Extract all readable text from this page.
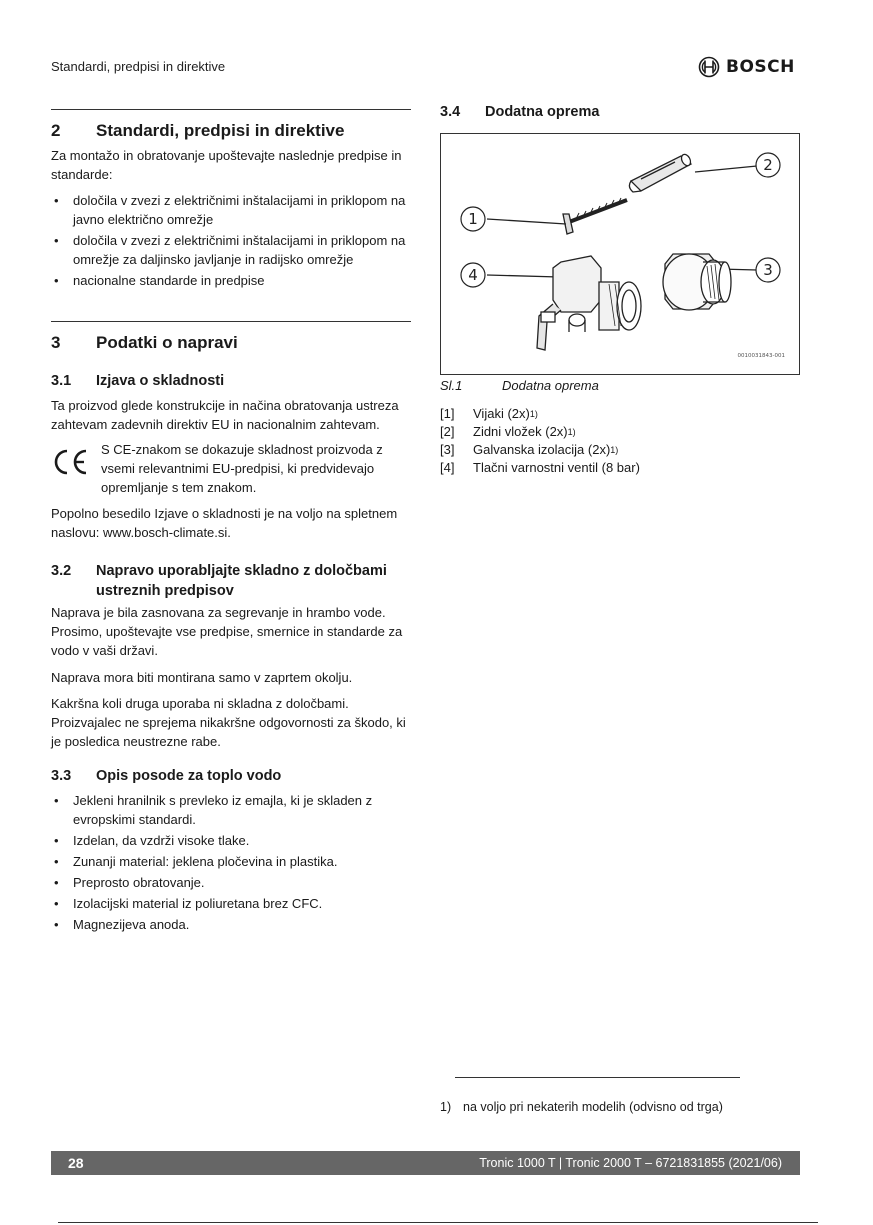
Standardi, predpisi in direktive	BOSCH
2	Standardi, predpisi in direktive

Za montažo in obratovanje upoštevajte naslednje predpise in standarde:

• določila v zvezi z električnimi inštalacijami in priklopom na javno električno omrežje
• določila v zvezi z električnimi inštalacijami in priklopom na omrežje za daljinsko javljanje in radijsko omrežje
• nacionalne standarde in predpise
3	Podatki o napravi
3.1	Izjava o skladnosti

Ta proizvod glede konstrukcije in načina obratovanja ustreza zahtevam zadevnih direktiv EU in nacionalnim zahtevam.

S CE-znakom se dokazuje skladnost proizvoda z vsemi relevantnimi EU-predpisi, ki predvidevajo opremljanje s tem znakom.

Popolno besedilo Izjave o skladnosti je na voljo na spletnem naslovu: www.bosch-climate.si.

3.2	Napravo uporabljajte skladno z določbami ustreznih predpisov

Naprava je bila zasnovana za segrevanje in hrambo vode. Prosimo, upoštevajte vse predpise, smernice in standarde za vodo v vaši državi.

Naprava mora biti montirana samo v zaprtem okolju.

Kakršna koli druga uporaba ni skladna z določbami. Proizvajalec ne sprejema nikakršne odgovornosti za škodo, ki je posledica neustrezne rabe.

3.3	Opis posode za toplo vodo
• Jekleni hranilnik s prevleko iz emajla, ki je skladen z evropskimi standardi.
• Izdelan, da vzdrži visoke tlake.
• Zunanji material: jeklena pločevina in plastika.
• Preprosto obratovanje.
• Izolacijski material iz poliuretana brez CFC.
• Magnezijeva anoda.
3.4	Dodatna oprema
1
2
3
4
0010031843-001
Sl.1	Dodatna oprema
[1]	Vijaki (2x) 1)
[2]	Zidni vložek (2x) 1)
[3]	Galvanska izolacija (2x) 1)
[4]	Tlačni varnostni ventil (8 bar)
1) na voljo pri nekaterih modelih (odvisno od trga)
28	Tronic 1000 T | Tronic 2000 T – 6721831855 (2021/06)
